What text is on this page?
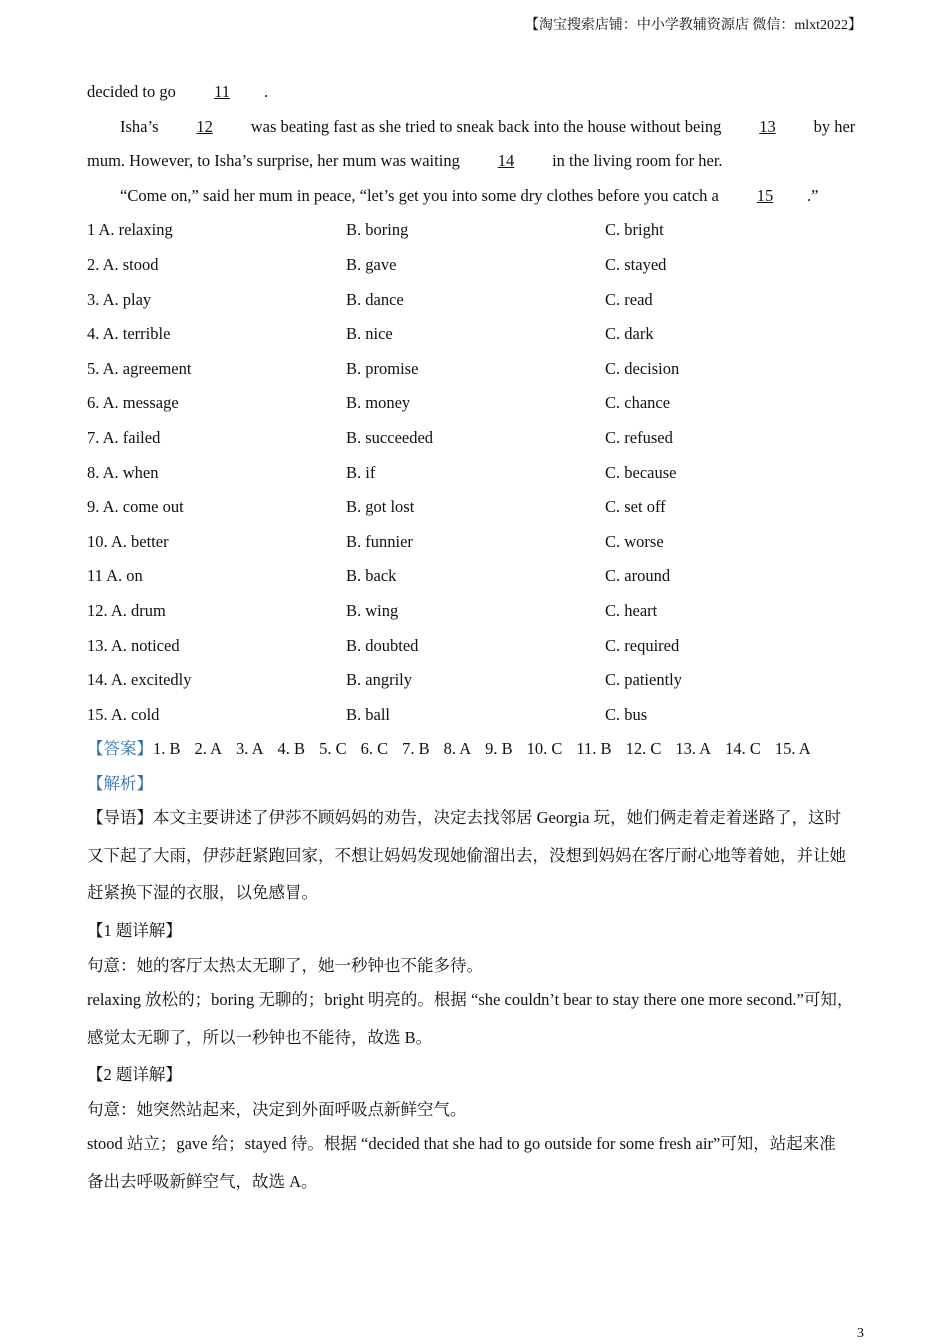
【淘宝搜索店铺：中小学教辅资源店 微信：mlxt2022】
decided to go 11 .
Isha’s 12 was beating fast as she tried to sneak back into the house without being 13 by her
mum. However, to Isha’s surprise, her mum was waiting 14 in the living room for her.
“Come on,” said her mum in peace, “let’s get you into some dry clothes before you catch a 15 .”
1 A. relaxing	B. boring	C. bright
2. A. stood	B. gave	C. stayed
3. A. play	B. dance	C. read
4. A. terrible	B. nice	C. dark
5. A. agreement	B. promise	C. decision
6. A. message	B. money	C. chance
7. A. failed	B. succeeded	C. refused
8. A. when	B. if	C. because
9. A. come out	B. got lost	C. set off
10. A. better	B. funnier	C. worse
11 A. on	B. back	C. around
12. A. drum	B. wing	C. heart
13. A. noticed	B. doubted	C. required
14. A. excitedly	B. angrily	C. patiently
15. A. cold	B. ball	C. bus
【答案】1. B 2. A 3. A 4. B 5. C 6. C 7. B 8. A 9. B 10. C 11. B 12. C 13. A 14. C 15. A
【解析】
【导语】本文主要讲述了伊莎不顾妈妈的劝告，决定去找邻居 Georgia 玩，她们俩走着走着迷路了，这时
又下起了大雨，伊莎赶紧跑回家，不想让妈妈发现她偷溜出去，没想到妈妈在客厅耐心地等着她，并让她
赶紧换下湿的衣服，以免感冒。
【1 题详解】
句意：她的客厅太热太无聊了，她一秒钟也不能多待。
relaxing 放松的；boring 无聊的；bright 明亮的。根据 “she couldn’t bear to stay there one more second.”可知，
感觉太无聊了，所以一秒钟也不能待，故选 B。
【2 题详解】
句意：她突然站起来，决定到外面呼吸点新鲜空气。
stood 站立；gave 给；stayed 待。根据 “decided that she had to go outside for some fresh air”可知，站起来准
备出去呼吸新鲜空气，故选 A。
3
